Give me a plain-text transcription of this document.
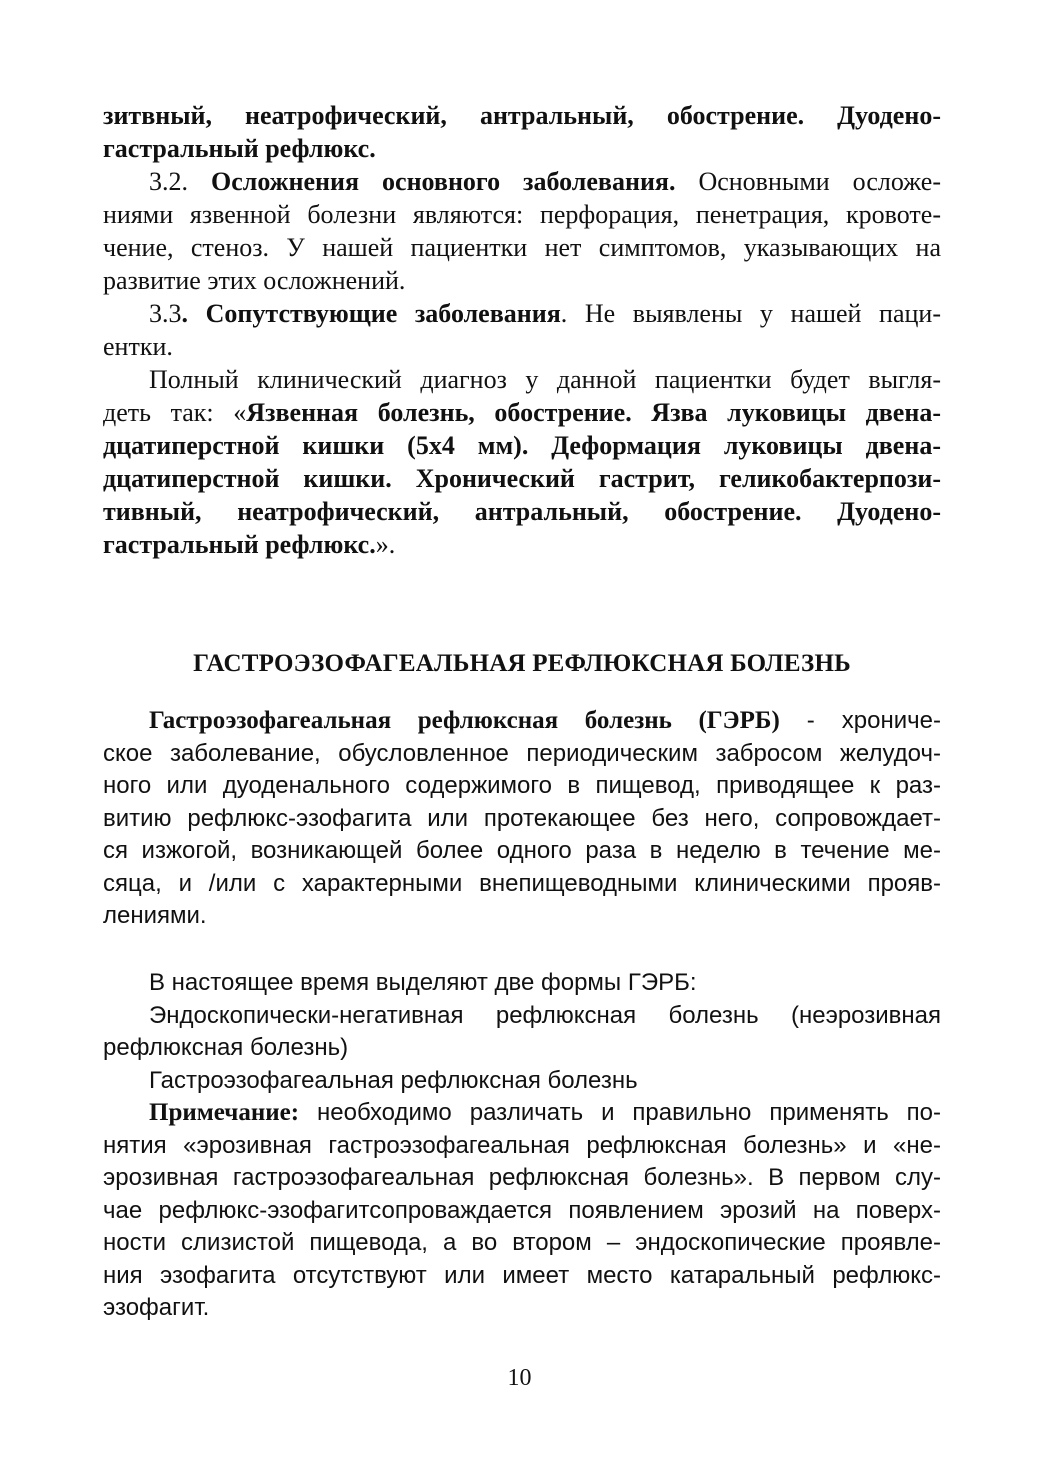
зитвный, неатрофический, антральный, обострение. Дуодено-
гастральный рефлюкс.
3.2. Осложнения основного заболевания. Основными осложе-
ниями язвенной болезни являются: перфорация, пенетрация, кровоте-
чение, стеноз. У нашей пациентки нет симптомов, указывающих на
развитие этих осложнений.
3.3. Сопутствующие заболевания. Не выявлены у нашей паци-
ентки.
Полный клинический диагноз у данной пациентки будет выгля-
деть так: «Язвенная болезнь, обострение. Язва луковицы двена-
дцатиперстной кишки (5х4 мм). Деформация луковицы двена-
дцатиперстной кишки. Хронический гастрит, геликобактерпози-
тивный, неатрофический, антральный, обострение. Дуодено-
гастральный рефлюкс.».
ГАСТРОЭЗОФАГЕАЛЬНАЯ РЕФЛЮКСНАЯ БОЛЕЗНЬ
Гастроэзофагеальная рефлюксная болезнь (ГЭРБ) - хрониче-
ское заболевание, обусловленное периодическим забросом желудоч-
ного или дуоденального содержимого в пищевод, приводящее к раз-
витию рефлюкс-эзофагита или протекающее без него, сопровождает-
ся изжогой, возникающей более одного раза в неделю в течение ме-
сяца, и /или с характерными внепищеводными клиническими прояв-
лениями.
В настоящее время выделяют две формы ГЭРБ:
Эндоскопически-негативная рефлюксная болезнь (неэрозивная
рефлюксная болезнь)
Гастроэзофагеальная рефлюксная болезнь
Примечание: необходимо различать и правильно применять по-
нятия «эрозивная гастроэзофагеальная рефлюксная болезнь» и «не-
эрозивная гастроэзофагеальная рефлюксная болезнь». В первом слу-
чае рефлюкс-эзофагитсопроваждается появлением эрозий на поверх-
ности слизистой пищевода, а во втором – эндоскопические проявле-
ния эзофагита отсутствуют или имеет место катаральный рефлюкс-
эзофагит.
10
